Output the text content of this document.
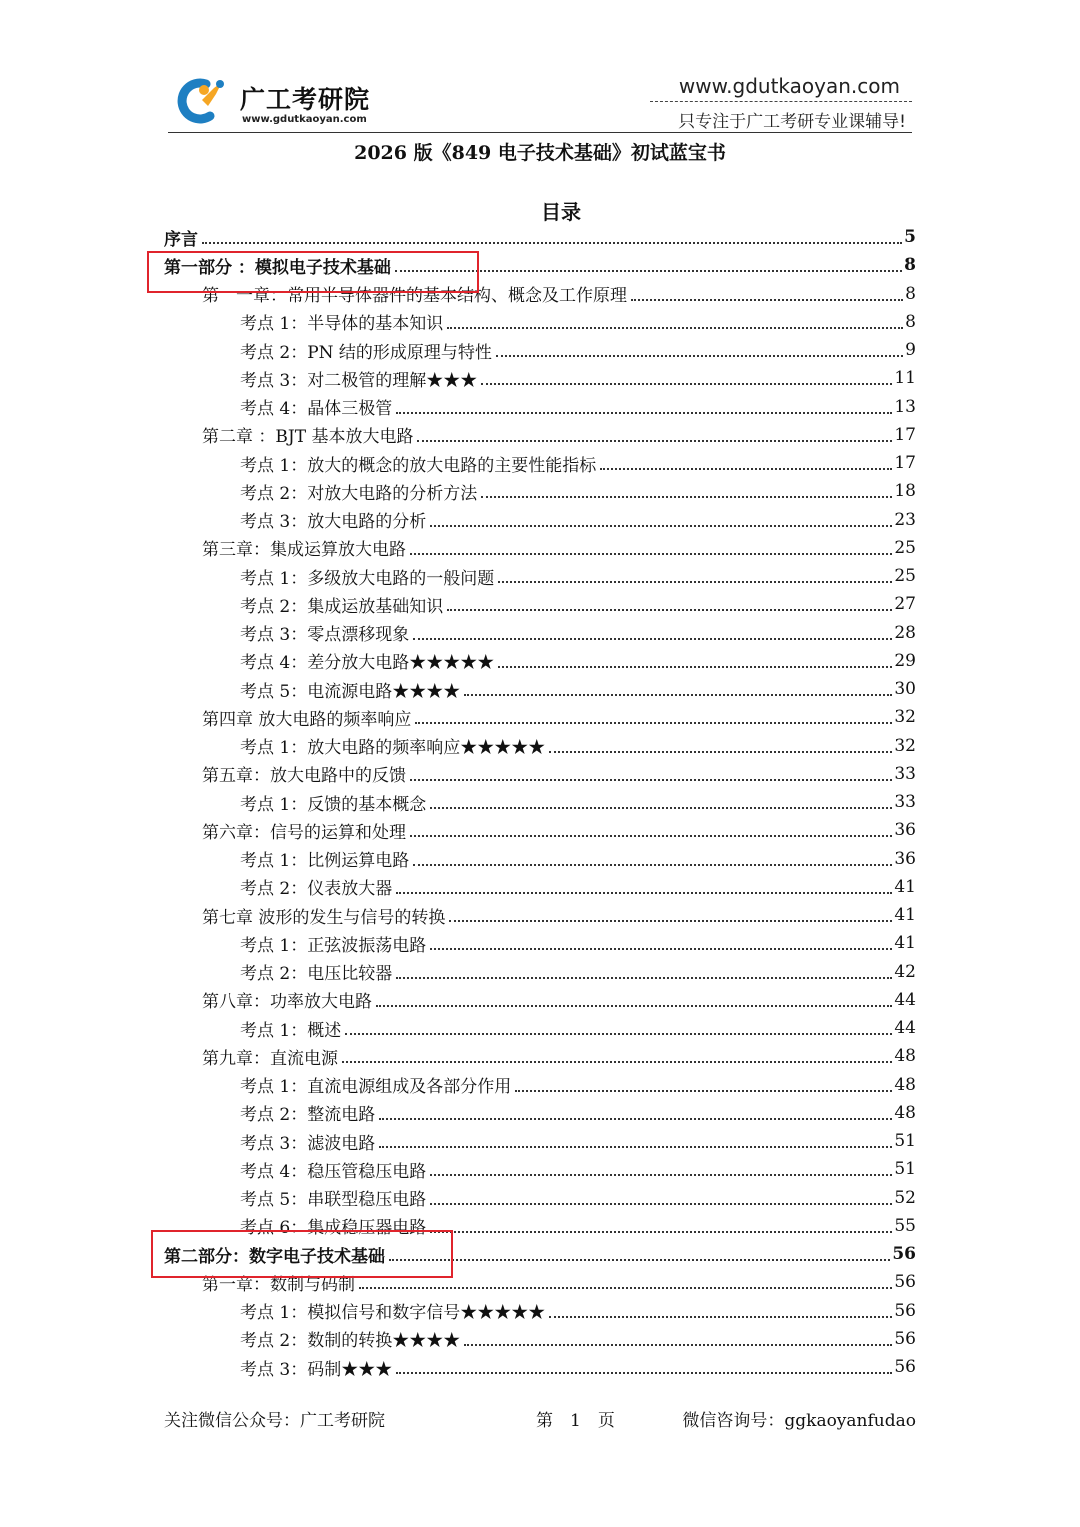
广工考研院
www.gdutkaoyan.com
www.gdutkaoyan.com
只专注于广工考研专业课辅导!
2026 版《849 电子技术基础》初试蓝宝书
目录
序言	5
第一部分 ：模拟电子技术基础	8
第　一章：常用半导体器件的基本结构、概念及工作原理	8
考点 1：半导体的基本知识	8
考点 2：PN 结的形成原理与特性	9
考点 3：对二极管的理解★★★	11
考点 4：晶体三极管	13
第二章 ：BJT 基本放大电路	17
考点 1：放大的概念的放大电路的主要性能指标	17
考点 2：对放大电路的分析方法	18
考点 3：放大电路的分析	23
第三章：集成运算放大电路	25
考点 1：多级放大电路的一般问题	25
考点 2：集成运放基础知识	27
考点 3：零点漂移现象	28
考点 4：差分放大电路★★★★★	29
考点 5：电流源电路★★★★	30
第四章 放大电路的频率响应	32
考点 1：放大电路的频率响应★★★★★	32
第五章：放大电路中的反馈	33
考点 1：反馈的基本概念	33
第六章：信号的运算和处理	36
考点 1：比例运算电路	36
考点 2：仪表放大器	41
第七章 波形的发生与信号的转换	41
考点 1：正弦波振荡电路	41
考点 2：电压比较器	42
第八章：功率放大电路	44
考点 1：概述	44
第九章：直流电源	48
考点 1：直流电源组成及各部分作用	48
考点 2：整流电路	48
考点 3：滤波电路	51
考点 4：稳压管稳压电路	51
考点 5：串联型稳压电路	52
考点 6：集成稳压器电路	55
第二部分：数字电子技术基础	56
第一章：数制与码制	56
考点 1：模拟信号和数字信号★★★★★	56
考点 2：数制的转换★★★★	56
考点 3：码制★★★	56
关注微信公众号：广工考研院	第　1　页	微信咨询号：ggkaoyanfudao
